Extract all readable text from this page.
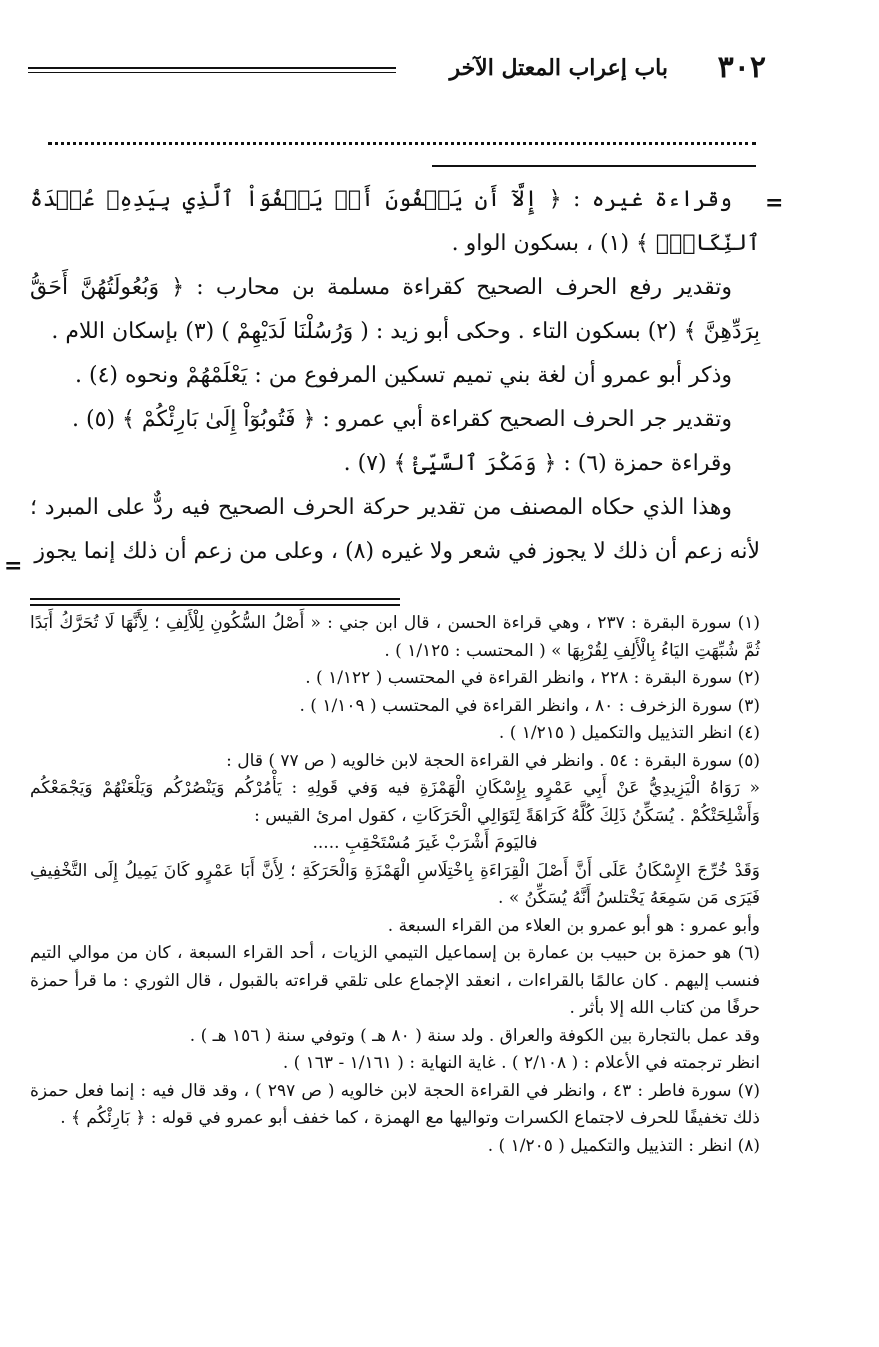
٣٠٢
باب إعراب المعتل الآخر
=

وقراءة غيره : ﴿ إِلَّآ أَن يَعۡفُونَ أَوۡ يَعۡفُوَاْ ٱلَّذِي بِيَدِهِۦ عُقۡدَةُ ٱلنِّكَاحِۚ ﴾ (١) ، بسكون الواو .

وتقدير رفع الحرف الصحيح كقراءة مسلمة بن محارب : ﴿ وَبُعُولَتُهُنَّ أَحَقُّ بِرَدِّهِنَّ ﴾ (٢) بسكون التاء . وحكى أبو زيد : ( وَرُسُلْنَا لَدَيْهِمْ ) (٣) بإسكان اللام .

وذكر أبو عمرو أن لغة بني تميم تسكين المرفوع من : يَعْلَمْهُمْ ونحوه (٤) .

وتقدير جر الحرف الصحيح كقراءة أبي عمرو : ﴿ فَتُوبُوٓاْ إِلَىٰ بَارِئْكُمْ ﴾ (٥) .

وقراءة حمزة (٦) : ﴿ وَمَكْرَ ٱلسَّيِّئْ ﴾ (٧) .

وهذا الذي حكاه المصنف من تقدير حركة الحرف الصحيح فيه ردٌّ على المبرد ؛ لأنه زعم أن ذلك لا يجوز في شعر ولا غيره (٨) ، وعلى من زعم أن ذلك إنما يجوز

=

(١) سورة البقرة : ٢٣٧ ، وهي قراءة الحسن ، قال ابن جني : « أَصْلُ السُّكُونِ لِلْأَلِفِ ؛ لِأَنَّهَا لَا تُحَرَّكُ أَبَدًا ثُمَّ شُبِّهَتِ اليَاءُ بِالْأَلِفِ لِقُرْبِهَا » ( المحتسب : ١/١٢٥ ) .

(٢) سورة البقرة : ٢٢٨ ، وانظر القراءة في المحتسب ( ١/١٢٢ ) .

(٣) سورة الزخرف : ٨٠ ، وانظر القراءة في المحتسب ( ١/١٠٩ ) .

(٤) انظر التذييل والتكميل ( ١/٢١٥ ) .

(٥) سورة البقرة : ٥٤ . وانظر في القراءة الحجة لابن خالويه ( ص ٧٧ ) قال :

« رَوَاهُ الْيَزِيدِيُّ عَنْ أَبِي عَمْرٍو بِإِسْكَانِ الْهَمْزَةِ فيه وَفي قَولِهِ : يَأْمُرْكُم وَيَنْصُرْكُم وَيَلْعَنْهُمْ وَيَجْمَعْكُم وَأَشْلِحَتْكُمْ . يُسَكِّنُ ذَلِكَ كُلَّهُ كَرَاهَةً لِتَوَالِي الْحَرَكَاتِ ، كقول امرئ القيس :

فاليَومَ أَشْرَبْ غَيرَ مُسْتَحْقِبِ .....

وَقَدْ خُرِّجَ الإِسْكَانُ عَلَى أَنَّ أَصْلَ الْقِرَاءَةِ بِاخْتِلَاسِ الْهَمْزَةِ وَالْحَرَكَةِ ؛ لِأَنَّ أَبَا عَمْرٍو كَانَ يَمِيلُ إِلَى التَّخْفِيفِ فَيَرَى مَن سَمِعَهُ يَخْتلسُ أَنَّهُ يُسَكِّنُ » .

وأبو عمرو : هو أبو عمرو بن العلاء من القراء السبعة .

(٦) هو حمزة بن حبيب بن عمارة بن إسماعيل التيمي الزيات ، أحد القراء السبعة ، كان من موالي التيم فنسب إليهم . كان عالمًا بالقراءات ، انعقد الإجماع على تلقي قراءته بالقبول ، قال الثوري : ما قرأ حمزة حرفًا من كتاب الله إلا بأثر .

وقد عمل بالتجارة بين الكوفة والعراق . ولد سنة ( ٨٠ هـ ) وتوفي سنة ( ١٥٦ هـ ) .

انظر ترجمته في الأعلام : ( ٢/١٠٨ ) . غاية النهاية : ( ١/١٦١ - ١٦٣ ) .

(٧) سورة فاطر : ٤٣ ، وانظر في القراءة الحجة لابن خالويه ( ص ٢٩٧ ) ، وقد قال فيه : إنما فعل حمزة ذلك تخفيفًا للحرف لاجتماع الكسرات وتواليها مع الهمزة ، كما خفف أبو عمرو في قوله : ﴿ بَارِئْكُم ﴾ .

(٨) انظر : التذييل والتكميل ( ١/٢٠٥ ) .
